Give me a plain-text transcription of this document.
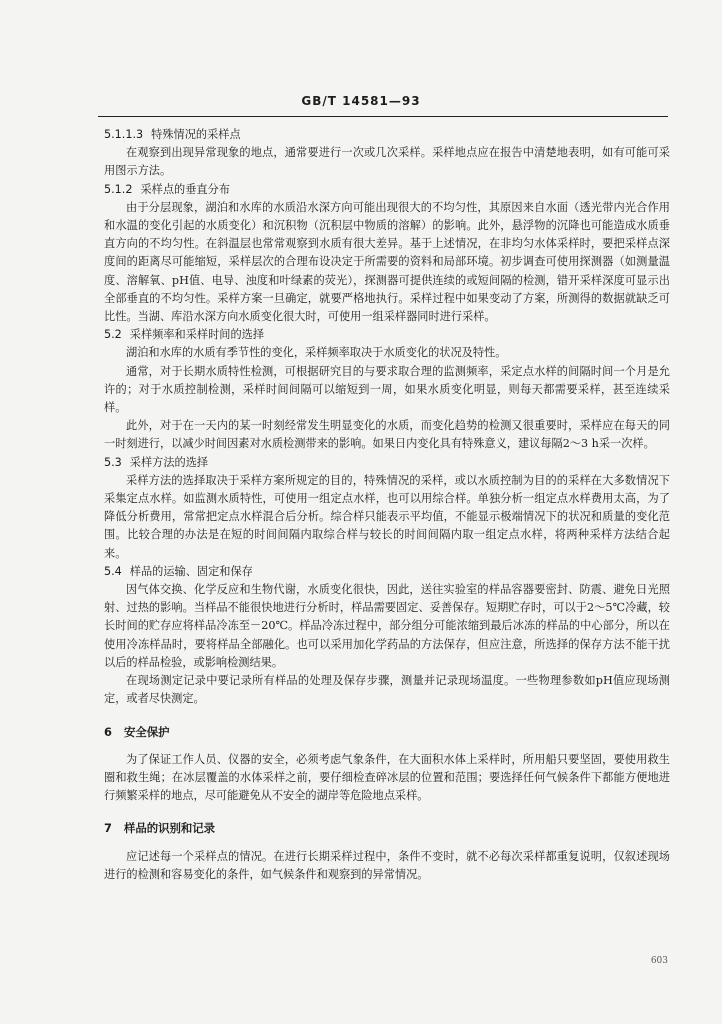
GB/T 14581—93

5.1.1.3 特殊情况的采样点

在观察到出现异常现象的地点，通常要进行一次或几次采样。采样地点应在报告中清楚地表明，如有可能可采用图示方法。

5.1.2 采样点的垂直分布

由于分层现象，湖泊和水库的水质沿水深方向可能出现很大的不均匀性，其原因来自水面（透光带内光合作用和水温的变化引起的水质变化）和沉积物（沉积层中物质的溶解）的影响。此外，悬浮物的沉降也可能造成水质垂直方向的不均匀性。在斜温层也常常观察到水质有很大差异。基于上述情况，在非均匀水体采样时，要把采样点深度间的距离尽可能缩短，采样层次的合理布设决定于所需要的资料和局部环境。初步调查可使用探测器（如测量温度、溶解氧、pH值、电导、浊度和叶绿素的荧光），探测器可提供连续的或短间隔的检测，错开采样深度可显示出全部垂直的不均匀性。采样方案一旦确定，就要严格地执行。采样过程中如果变动了方案，所测得的数据就缺乏可比性。当湖、库沿水深方向水质变化很大时，可使用一组采样器同时进行采样。

5.2 采样频率和采样时间的选择

湖泊和水库的水质有季节性的变化，采样频率取决于水质变化的状况及特性。

通常，对于长期水质特性检测，可根据研究目的与要求取合理的监测频率，采定点水样的间隔时间一个月是允许的；对于水质控制检测，采样时间间隔可以缩短到一周，如果水质变化明显，则每天都需要采样，甚至连续采样。

此外，对于在一天内的某一时刻经常发生明显变化的水质，而变化趋势的检测又很重要时，采样应在每天的同一时刻进行，以减少时间因素对水质检测带来的影响。如果日内变化具有特殊意义，建议每隔2～3 h采一次样。

5.3 采样方法的选择

采样方法的选择取决于采样方案所规定的目的，特殊情况的采样，或以水质控制为目的的采样在大多数情况下采集定点水样。如监测水质特性，可使用一组定点水样，也可以用综合样。单独分析一组定点水样费用太高，为了降低分析费用，常常把定点水样混合后分析。综合样只能表示平均值，不能显示极端情况下的状况和质量的变化范围。比较合理的办法是在短的时间间隔内取综合样与较长的时间间隔内取一组定点水样，将两种采样方法结合起来。

5.4 样品的运输、固定和保存

因气体交换、化学反应和生物代谢，水质变化很快，因此，送往实验室的样品容器要密封、防震、避免日光照射、过热的影响。当样品不能很快地进行分析时，样品需要固定、妥善保存。短期贮存时，可以于2～5℃冷藏，较长时间的贮存应将样品冷冻至－20℃。样品冷冻过程中，部分组分可能浓缩到最后冰冻的样品的中心部分，所以在使用冷冻样品时，要将样品全部融化。也可以采用加化学药品的方法保存，但应注意，所选择的保存方法不能干扰以后的样品检验，或影响检测结果。

在现场测定记录中要记录所有样品的处理及保存步骤，测量并记录现场温度。一些物理参数如pH值应现场测定，或者尽快测定。

6 安全保护

为了保证工作人员、仪器的安全，必须考虑气象条件，在大面积水体上采样时，所用船只要坚固，要使用救生圈和救生绳；在冰层覆盖的水体采样之前，要仔细检查碎冰层的位置和范围；要选择任何气候条件下都能方便地进行频繁采样的地点，尽可能避免从不安全的湖岸等危险地点采样。

7 样品的识别和记录

应记述每一个采样点的情况。在进行长期采样过程中，条件不变时，就不必每次采样都重复说明，仅叙述现场进行的检测和容易变化的条件，如气候条件和观察到的异常情况。

603
